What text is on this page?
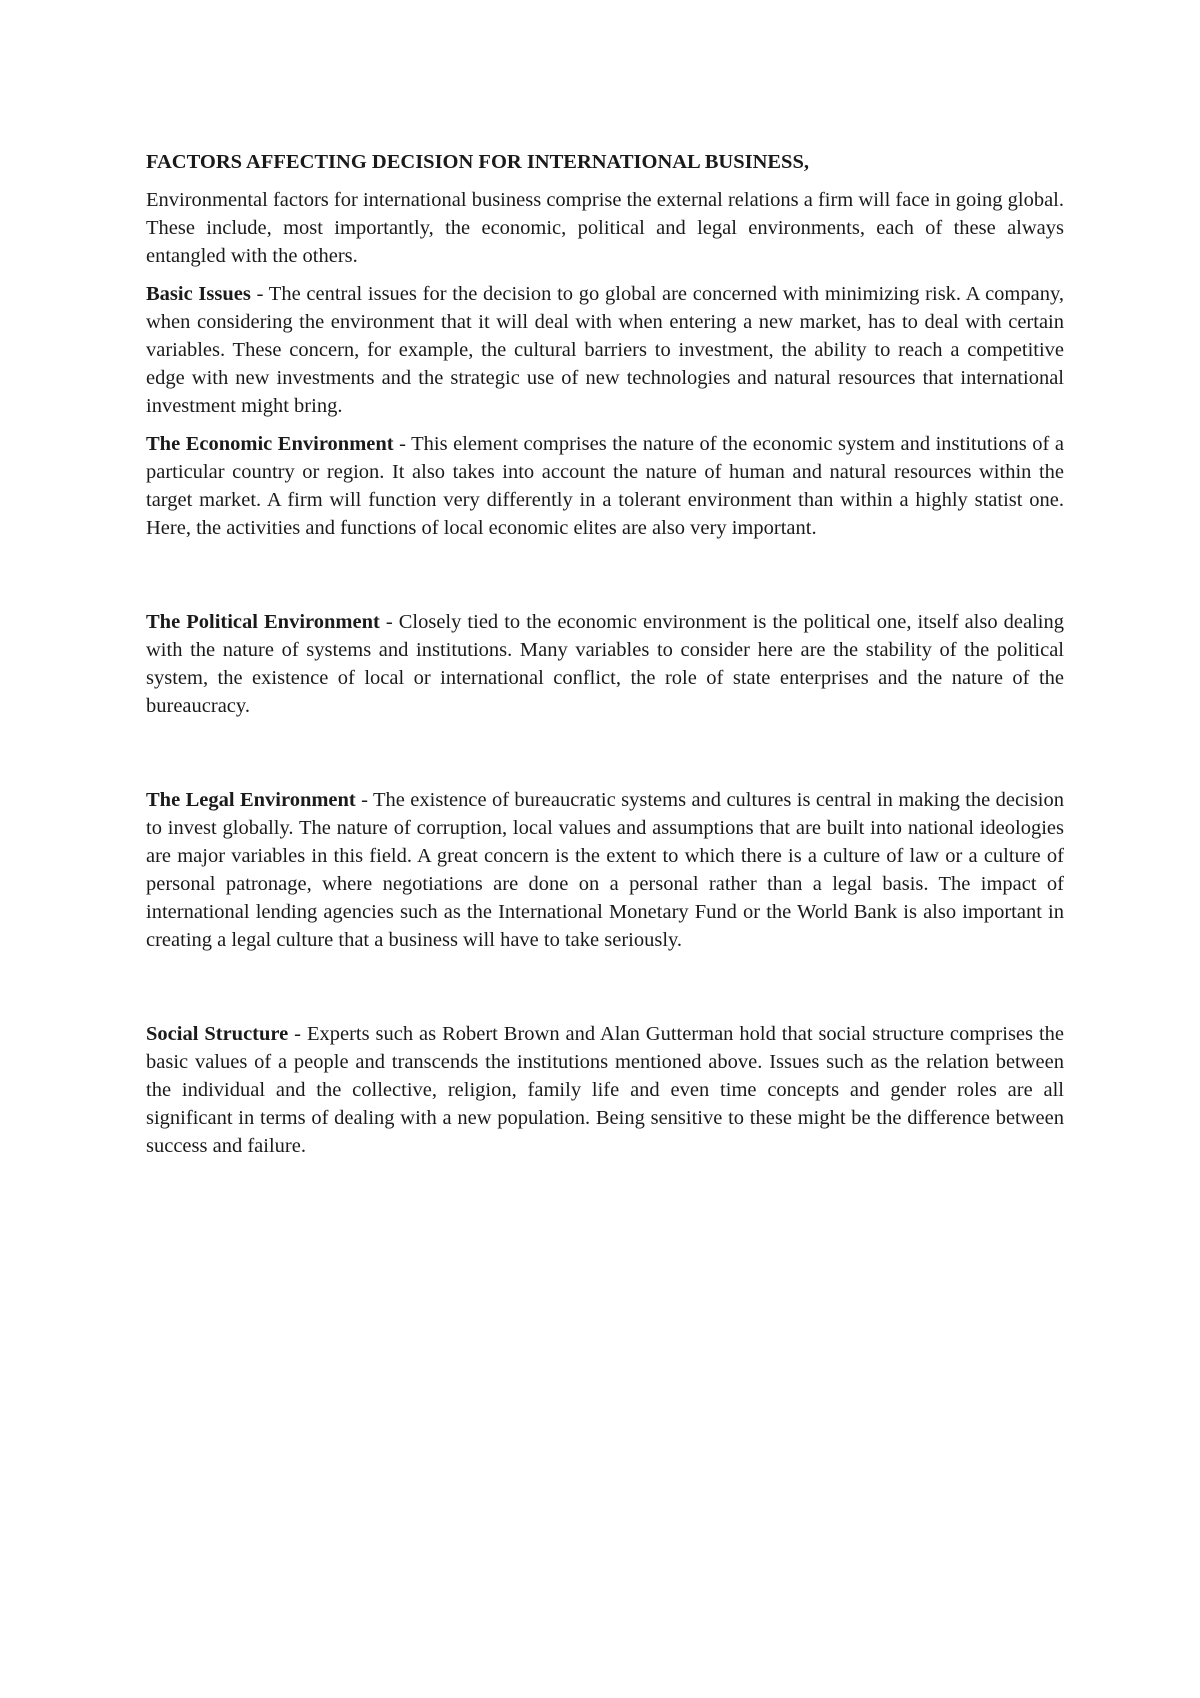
FACTORS AFFECTING DECISION FOR INTERNATIONAL BUSINESS,

Environmental factors for international business comprise the external relations a firm will face in going global. These include, most importantly, the economic, political and legal environments, each of these always entangled with the others.

Basic Issues - The central issues for the decision to go global are concerned with minimizing risk. A company, when considering the environment that it will deal with when entering a new market, has to deal with certain variables. These concern, for example, the cultural barriers to investment, the ability to reach a competitive edge with new investments and the strategic use of new technologies and natural resources that international investment might bring.

The Economic Environment - This element comprises the nature of the economic system and institutions of a particular country or region. It also takes into account the nature of human and natural resources within the target market. A firm will function very differently in a tolerant environment than within a highly statist one. Here, the activities and functions of local economic elites are also very important.

The Political Environment - Closely tied to the economic environment is the political one, itself also dealing with the nature of systems and institutions. Many variables to consider here are the stability of the political system, the existence of local or international conflict, the role of state enterprises and the nature of the bureaucracy.

The Legal Environment - The existence of bureaucratic systems and cultures is central in making the decision to invest globally. The nature of corruption, local values and assumptions that are built into national ideologies are major variables in this field. A great concern is the extent to which there is a culture of law or a culture of personal patronage, where negotiations are done on a personal rather than a legal basis. The impact of international lending agencies such as the International Monetary Fund or the World Bank is also important in creating a legal culture that a business will have to take seriously.

Social Structure - Experts such as Robert Brown and Alan Gutterman hold that social structure comprises the basic values of a people and transcends the institutions mentioned above. Issues such as the relation between the individual and the collective, religion, family life and even time concepts and gender roles are all significant in terms of dealing with a new population. Being sensitive to these might be the difference between success and failure.
